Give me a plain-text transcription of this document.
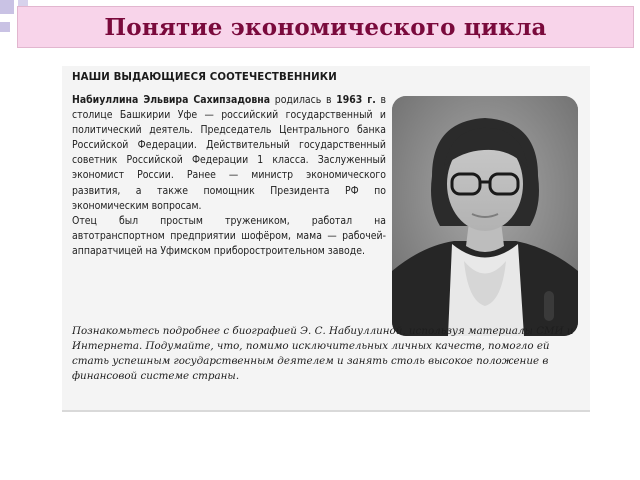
Понятие экономического цикла
НАШИ ВЫДАЮЩИЕСЯ СООТЕЧЕСТВЕННИКИ

Набиуллина Эльвира Сахипзадовна родилась в 1963 г. в столице Башкирии Уфе — российский государственный и политический деятель. Председатель Центрального банка Российской Федерации. Действительный государственный советник Российской Федерации 1 класса. Заслуженный экономист России. Ранее — министр экономического развития, а также помощник Президента РФ по экономическим вопросам.

Отец был простым тружеником, работал на автотранспортном предприятии шофёром, мама — рабочей-аппаратчицей на Уфимском приборостроительном заводе.

Познакомьтесь подробнее с биографией Э. С. Набиуллиной, используя материалы СМИ и Интернета. Подумайте, что, помимо исключительных личных качеств, помогло ей стать успешным государственным деятелем и занять столь высокое положение в финансовой системе страны.
